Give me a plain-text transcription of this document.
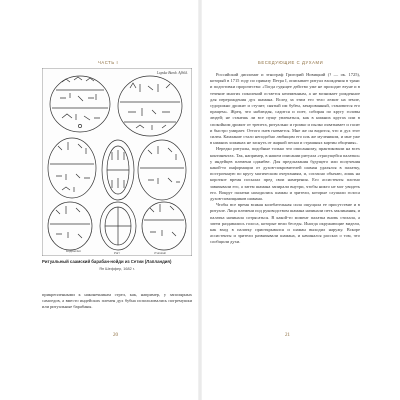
ЧАСТЬ I
Lapska Bumb. Afbild.
Kopfbarken	Pärr	Trummde
Ритуальный саамский барабан-нойди из Сетии (Лапландия)
Ян Шеффер, 1682 г.

прикрепленными к наконечникам стрел, как, например, у заполярных самоедов, а вместо индейских племен дух бубна использовались погремушки или ритуальные барабаны.

20
БЕСЕДУЮЩИЕ С ДУХАМИ

Российский дипломат и этнограф Григорий Новицкий (? — ок. 1725), который в 1715 году по приказу Петра I, описывает ритуал вхождения в транс и подготовки пророчества: «Тогда гудящее действо уже не проходит втуне и в течение многих поколений остается неизменным, а не возникает рожденное для перерождения дух шамана. Вслед за этим его тело лежит на земле, судорожно дрожит и стучит; снятый им бубен, зачарованный, становится его пращем». Жрец, что наблюдая, садится и поет, собирая по кругу головы людей; не станешь ли все пуще увлекаться, как в нижних кругах или в спокойном дрожит от трепета, ритуально и громко и пылко охватывает и гасит и быстро умирает. Оттого гнев гневается. Мне же он видится, что и дух этот силен. Камлание стало неподобно любящим его иль же мучеником, и мне уже в нижних хижинах не заснуть от жаркой песни и страшных картин общения».

Нередко ритуалы, подобные только что описанному, практиковали на всех континентах. Так, например, в нашем описании ритуала «трясущейся палатки» у индейцев племени оджибве. Для предсказания будущего или получения какой-то информации от духов-покровителей шаман удалялся в палатку, построенную по кругу магическим очертаниям, и, согласно обычаю, лишь на короткое время посылал пред свои намерения. Его ассистенты плотно завязывали его, а затем шамана запирали внутри, чтобы никто не мог увидеть его. Вокруг палатки находились шаман и зрители, которые слушали голоса духов-помощников шамана.

Чтобы все время всякая колебательная сила ощущала ее присутствие и в ритуале. Лица племени под руководством шамана начинали петь заклинания, и палатка начинала сотрясаться. В какой-то момент палатка вновь стихала, а затем раздавались голоса, которые вели беседы. Иногда окружающие видели, как вход в палатку приоткрывался и шаман выходил наружу. Вскоре ассистенты и зрители развязывали шамана, и начинался рассказ о том, что сообщили духи.

21
